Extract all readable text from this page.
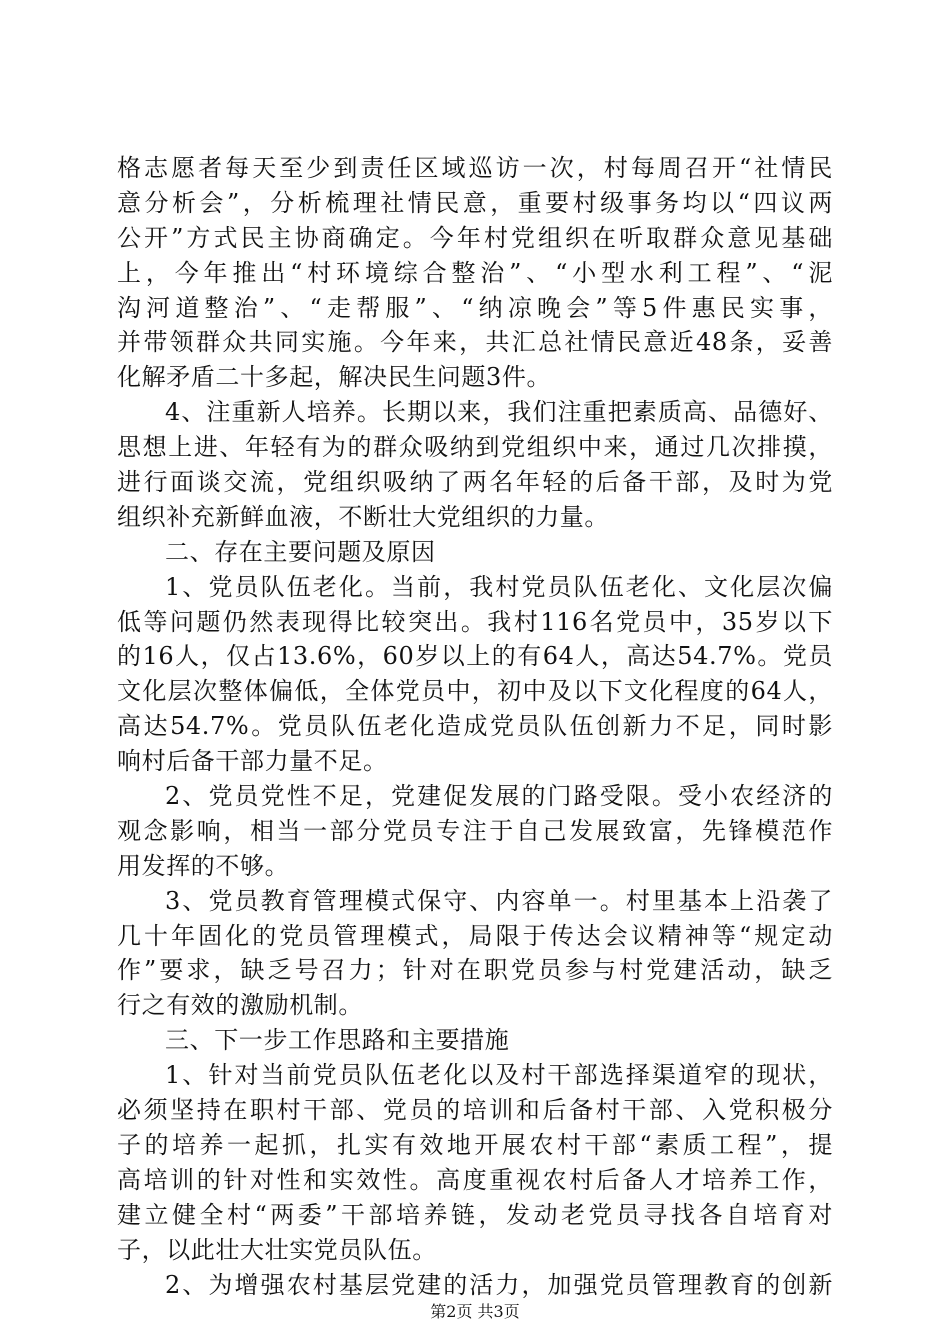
格志愿者每天至少到责任区域巡访一次，村每周召开“社情民
意分析会”，分析梳理社情民意，重要村级事务均以“四议两
公开”方式民主协商确定。今年村党组织在听取群众意见基础
上，今年推出“村环境综合整治”、“小型水利工程”、“泥
沟河道整治”、“走帮服”、“纳凉晚会”等5件惠民实事，
并带领群众共同实施。今年来，共汇总社情民意近48条，妥善
化解矛盾二十多起，解决民生问题3件。
4、注重新人培养。长期以来，我们注重把素质高、品德好、
思想上进、年轻有为的群众吸纳到党组织中来，通过几次排摸，
进行面谈交流，党组织吸纳了两名年轻的后备干部，及时为党
组织补充新鲜血液，不断壮大党组织的力量。
二、存在主要问题及原因
1、党员队伍老化。当前，我村党员队伍老化、文化层次偏
低等问题仍然表现得比较突出。我村116名党员中，35岁以下
的16人，仅占13.6%，60岁以上的有64人，高达54.7%。党员
文化层次整体偏低，全体党员中，初中及以下文化程度的64人，
高达54.7%。党员队伍老化造成党员队伍创新力不足，同时影
响村后备干部力量不足。
2、党员党性不足，党建促发展的门路受限。受小农经济的
观念影响，相当一部分党员专注于自己发展致富，先锋模范作
用发挥的不够。
3、党员教育管理模式保守、内容单一。村里基本上沿袭了
几十年固化的党员管理模式，局限于传达会议精神等“规定动
作”要求，缺乏号召力；针对在职党员参与村党建活动，缺乏
行之有效的激励机制。
三、下一步工作思路和主要措施
1、针对当前党员队伍老化以及村干部选择渠道窄的现状，
必须坚持在职村干部、党员的培训和后备村干部、入党积极分
子的培养一起抓，扎实有效地开展农村干部“素质工程”，提
高培训的针对性和实效性。高度重视农村后备人才培养工作，
建立健全村“两委”干部培养链，发动老党员寻找各自培育对
子，以此壮大壮实党员队伍。
2、为增强农村基层党建的活力，加强党员管理教育的创新
第2页 共3页
